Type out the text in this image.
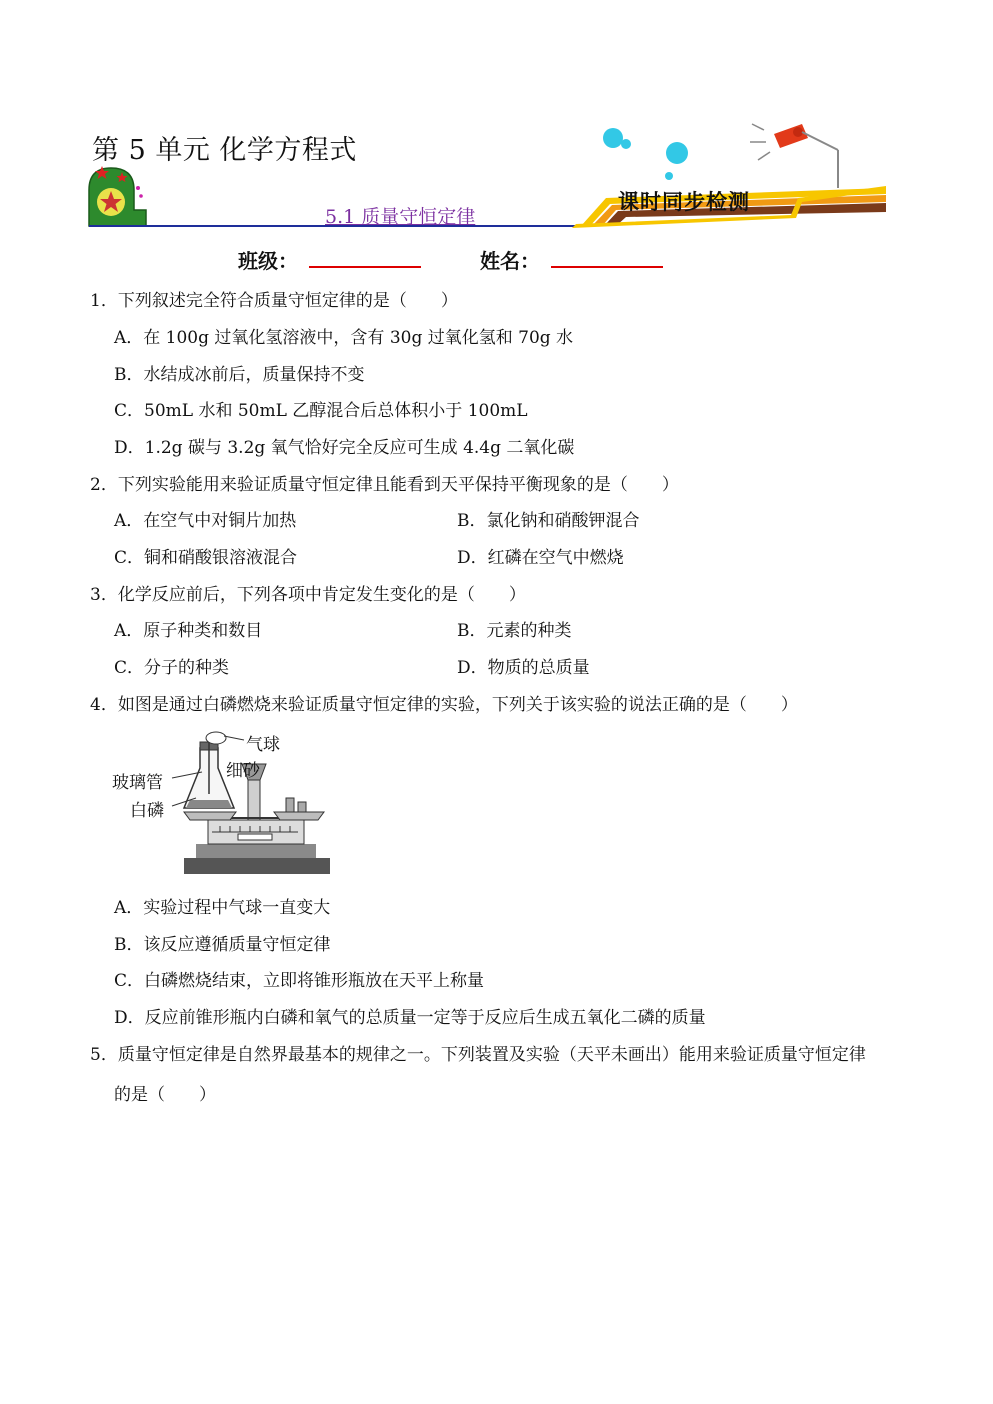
第 5 单元 化学方程式
5.1 质量守恒定律
课时同步检测
班级：	姓名：
1．下列叙述完全符合质量守恒定律的是（　　）
A．在 100g 过氧化氢溶液中，含有 30g 过氧化氢和 70g 水
B．水结成冰前后，质量保持不变
C．50mL 水和 50mL 乙醇混合后总体积小于 100mL
D．1.2g 碳与 3.2g 氧气恰好完全反应可生成 4.4g 二氧化碳
2．下列实验能用来验证质量守恒定律且能看到天平保持平衡现象的是（　　）
A．在空气中对铜片加热	B．氯化钠和硝酸钾混合
C．铜和硝酸银溶液混合	D．红磷在空气中燃烧
3．化学反应前后，下列各项中肯定发生变化的是（　　）
A．原子种类和数目	B．元素的种类
C．分子的种类	D．物质的总质量
4．如图是通过白磷燃烧来验证质量守恒定律的实验，下列关于该实验的说法正确的是（　　）
气球
细砂
玻璃管
白磷
A．实验过程中气球一直变大
B．该反应遵循质量守恒定律
C．白磷燃烧结束，立即将锥形瓶放在天平上称量
D．反应前锥形瓶内白磷和氧气的总质量一定等于反应后生成五氧化二磷的质量
5．质量守恒定律是自然界最基本的规律之一。下列装置及实验（天平未画出）能用来验证质量守恒定律
的是（　　）
